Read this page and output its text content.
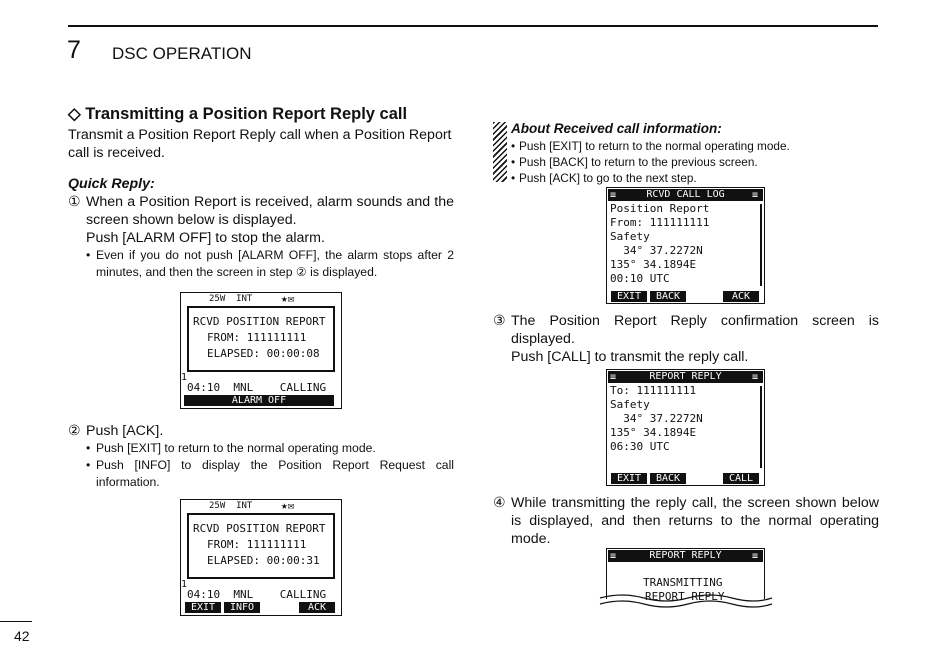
7 DSC OPERATION
◇ Transmitting a Position Report Reply call

Transmit a Position Report Reply call when a Position Report call is received.

Quick Reply:

① When a Position Report is received, alarm sounds and the screen shown below is displayed.

Push [ALARM OFF] to stop the alarm.

• Even if you do not push [ALARM OFF], the alarm stops after 2 minutes, and then the screen in step ② is displayed.
25W  INT	★✉
RCVD POSITION REPORT
FROM: 111111111
ELAPSED: 00:00:08
1
04:10  MNL    CALLING
ALARM OFF
② Push [ACK].

• Push [EXIT] to return to the normal operating mode.
• Push [INFO] to display the Position Report Request call information.
25W  INT	★✉
RCVD POSITION REPORT
FROM: 111111111
ELAPSED: 00:00:31
1
04:10  MNL    CALLING
EXIT	INFO	ACK
About Received call information:
• Push [EXIT] to return to the normal operating mode.
• Push [BACK] to return to the previous screen.
• Push [ACK] to go to the next step.
RCVD CALL LOG
≡	≡
Position Report
From: 111111111
Safety
34° 37.2272N
135° 34.1894E
00:10 UTC
EXIT	BACK	ACK
③ The Position Report Reply confirmation screen is displayed.

Push [CALL] to transmit the reply call.

REPORT REPLY
≡	≡
To: 111111111
Safety
34° 37.2272N
135° 34.1894E
06:30 UTC
EXIT	BACK	CALL
④ While transmitting the reply call, the screen shown below is displayed, and then returns to the normal operating mode.

REPORT REPLY
≡	≡
TRANSMITTING
REPORT REPLY
42
